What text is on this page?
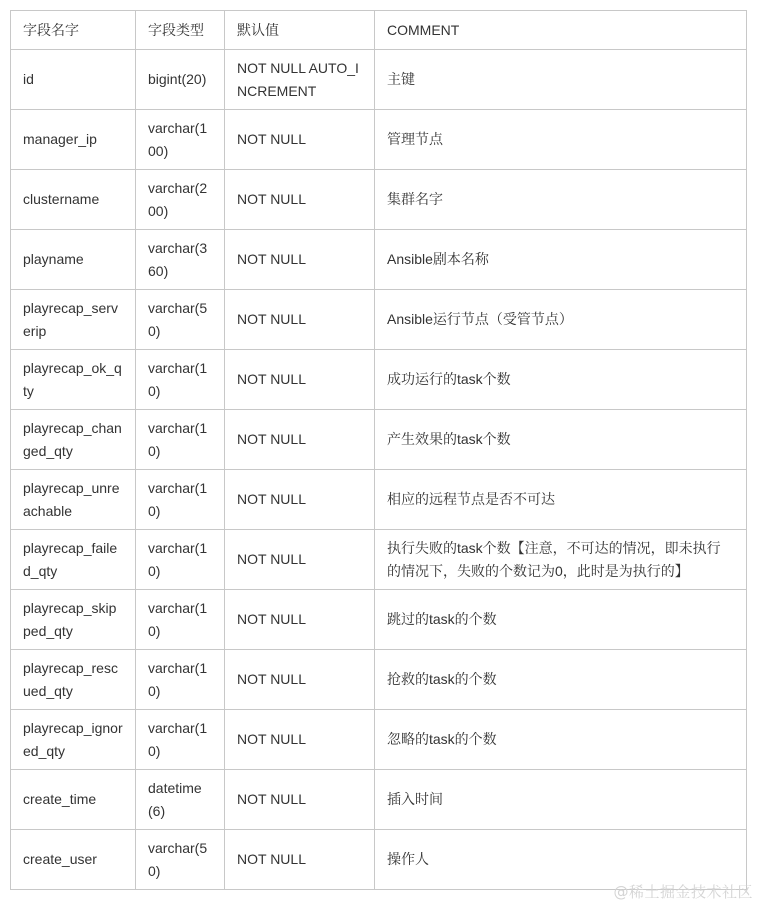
字段名字	字段类型	默认值	COMMENT
id	bigint(20)	NOT NULL AUTO_INCREMENT	主键
manager_ip	varchar(100)	NOT NULL	管理节点
clustername	varchar(200)	NOT NULL	集群名字
playname	varchar(360)	NOT NULL	Ansible剧本名称
playrecap_serverip	varchar(50)	NOT NULL	Ansible运行节点（受管节点）
playrecap_ok_qty	varchar(10)	NOT NULL	成功运行的task个数
playrecap_changed_qty	varchar(10)	NOT NULL	产生效果的task个数
playrecap_unreachable	varchar(10)	NOT NULL	相应的远程节点是否不可达
playrecap_failed_qty	varchar(10)	NOT NULL	执行失败的task个数【注意，不可达的情况，即未执行的情况下，失败的个数记为0，此时是为执行的】
playrecap_skipped_qty	varchar(10)	NOT NULL	跳过的task的个数
playrecap_rescued_qty	varchar(10)	NOT NULL	抢救的task的个数
playrecap_ignored_qty	varchar(10)	NOT NULL	忽略的task的个数
create_time	datetime(6)	NOT NULL	插入时间
create_user	varchar(50)	NOT NULL	操作人
@稀土掘金技术社区
